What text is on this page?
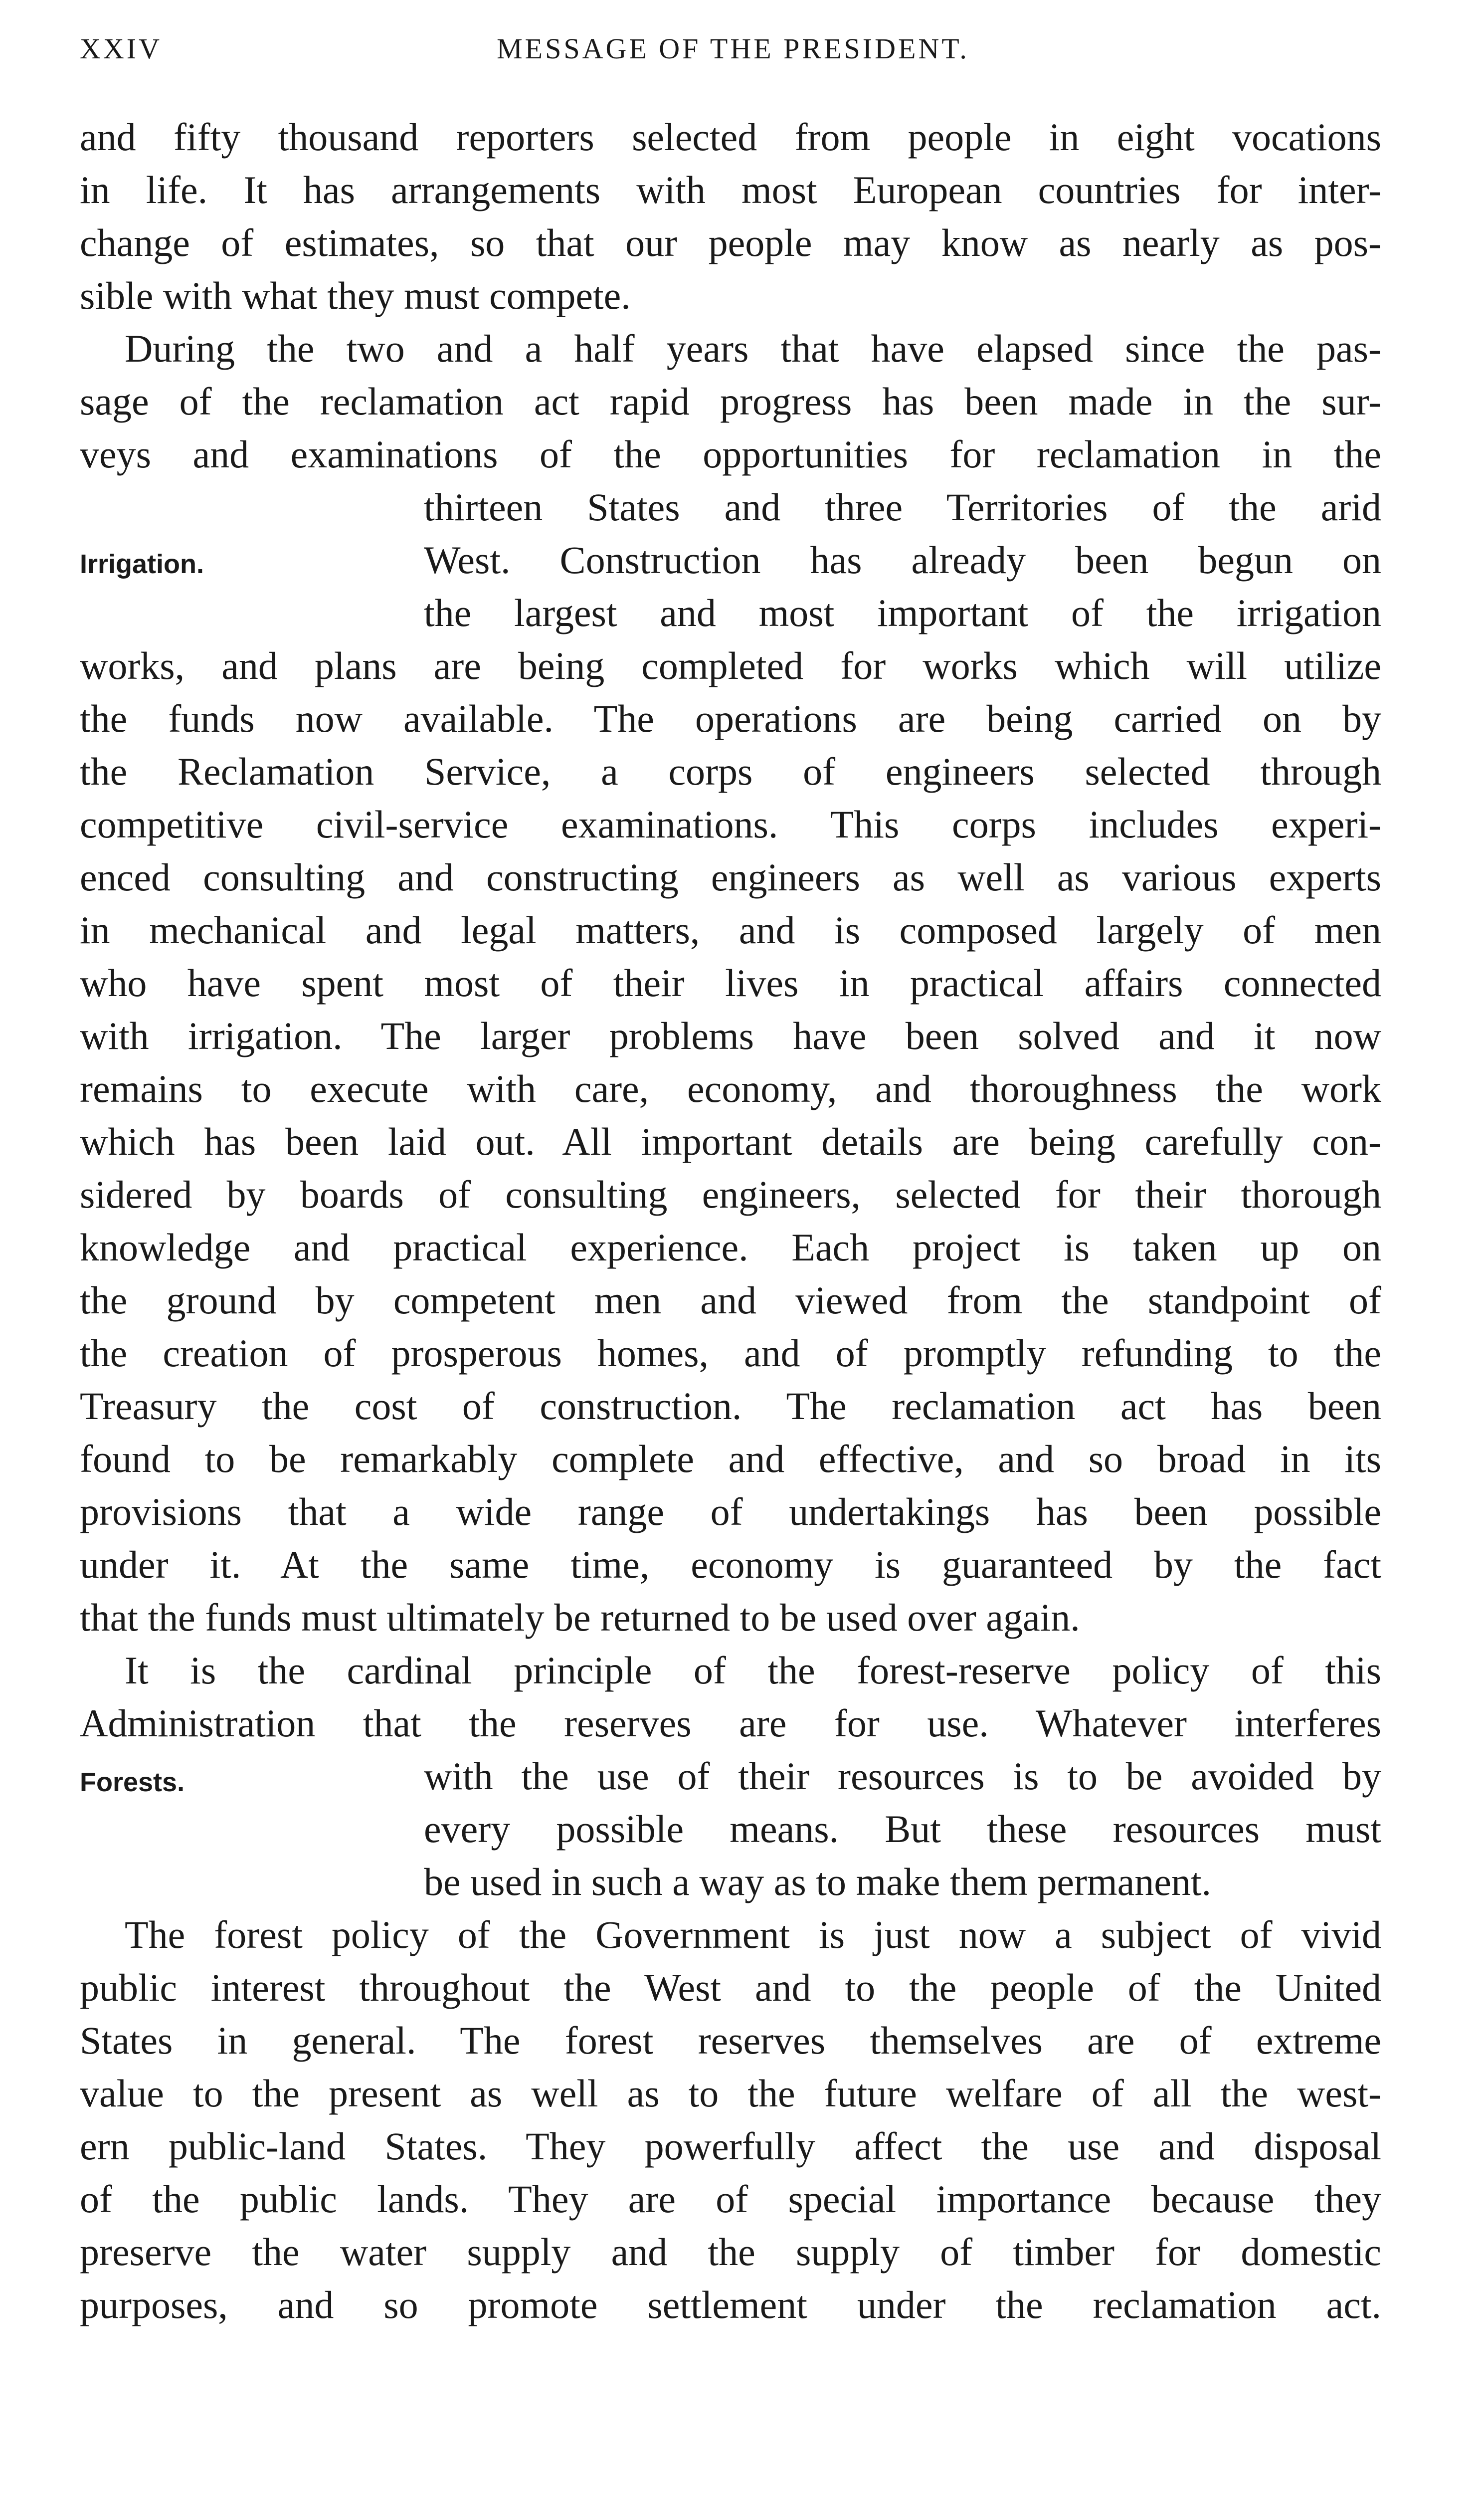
XXIV	MESSAGE OF THE PRESIDENT.
and fifty thousand reporters selected from people in eight vocations
in life. It has arrangements with most European countries for inter-
change of estimates, so that our people may know as nearly as pos-
sible with what they must compete.
During the two and a half years that have elapsed since the pas-
sage of the reclamation act rapid progress has been made in the sur-
veys and examinations of the opportunities for reclamation in the
Irrigation.
thirteen States and three Territories of the arid
West. Construction has already been begun on
the largest and most important of the irrigation
works, and plans are being completed for works which will utilize
the funds now available. The operations are being carried on by
the Reclamation Service, a corps of engineers selected through
competitive civil-service examinations. This corps includes experi-
enced consulting and constructing engineers as well as various experts
in mechanical and legal matters, and is composed largely of men
who have spent most of their lives in practical affairs connected
with irrigation. The larger problems have been solved and it now
remains to execute with care, economy, and thoroughness the work
which has been laid out. All important details are being carefully con-
sidered by boards of consulting engineers, selected for their thorough
knowledge and practical experience. Each project is taken up on
the ground by competent men and viewed from the standpoint of
the creation of prosperous homes, and of promptly refunding to the
Treasury the cost of construction. The reclamation act has been
found to be remarkably complete and effective, and so broad in its
provisions that a wide range of undertakings has been possible
under it. At the same time, economy is guaranteed by the fact
that the funds must ultimately be returned to be used over again.
It is the cardinal principle of the forest-reserve policy of this
Administration that the reserves are for use. Whatever interferes
Forests.	with the use of their resources is to be avoided by
every possible means. But these resources must
be used in such a way as to make them permanent.
The forest policy of the Government is just now a subject of vivid
public interest throughout the West and to the people of the United
States in general. The forest reserves themselves are of extreme
value to the present as well as to the future welfare of all the west-
ern public-land States. They powerfully affect the use and disposal
of the public lands. They are of special importance because they
preserve the water supply and the supply of timber for domestic
purposes, and so promote settlement under the reclamation act.
